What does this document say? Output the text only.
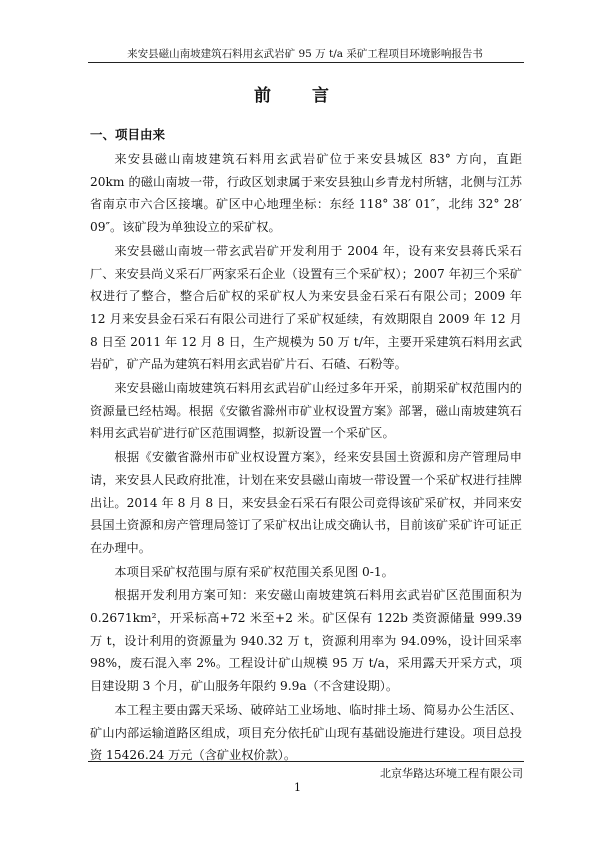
来安县磁山南坡建筑石料用玄武岩矿 95 万 t/a 采矿工程项目环境影响报告书
前　言
一、项目由来

来安县磁山南坡建筑石料用玄武岩矿位于来安县城区 83° 方向，直距 20km 的磁山南坡一带，行政区划隶属于来安县独山乡青龙村所辖，北侧与江苏省南京市六合区接壤。矿区中心地理坐标：东经 118° 38′ 01″，北纬 32° 28′ 09″。该矿段为单独设立的采矿权。

来安县磁山南坡一带玄武岩矿开发利用于 2004 年，设有来安县蒋氏采石厂、来安县尚义采石厂两家采石企业（设置有三个采矿权）；2007 年初三个采矿权进行了整合，整合后矿权的采矿权人为来安县金石采石有限公司；2009 年 12 月来安县金石采石有限公司进行了采矿权延续，有效期限自 2009 年 12 月 8 日至 2011 年 12 月 8 日，生产规模为 50 万 t/年，主要开采建筑石料用玄武岩矿，矿产品为建筑石料用玄武岩矿片石、石碴、石粉等。

来安县磁山南坡建筑石料用玄武岩矿山经过多年开采，前期采矿权范围内的资源量已经枯竭。根据《安徽省滁州市矿业权设置方案》部署，磁山南坡建筑石料用玄武岩矿进行矿区范围调整，拟新设置一个采矿区。

根据《安徽省滁州市矿业权设置方案》，经来安县国土资源和房产管理局申请，来安县人民政府批准，计划在来安县磁山南坡一带设置一个采矿权进行挂牌出让。2014 年 8 月 8 日，来安县金石采石有限公司竞得该矿采矿权，并同来安县国土资源和房产管理局签订了采矿权出让成交确认书，目前该矿采矿许可证正在办理中。

本项目采矿权范围与原有采矿权范围关系见图 0-1。

根据开发利用方案可知：来安磁山南坡建筑石料用玄武岩矿区范围面积为 0.2671km²，开采标高+72 米至+2 米。矿区保有 122b 类资源储量 999.39 万 t，设计利用的资源量为 940.32 万 t，资源利用率为 94.09%，设计回采率 98%，废石混入率 2%。工程设计矿山规模 95 万 t/a，采用露天开采方式，项目建设期 3 个月，矿山服务年限约 9.9a（不含建设期）。

本工程主要由露天采场、破碎站工业场地、临时排土场、简易办公生活区、矿山内部运输道路区组成，项目充分依托矿山现有基础设施进行建设。项目总投资 15426.24 万元（含矿业权价款）。

北京华路达环境工程有限公司
1
